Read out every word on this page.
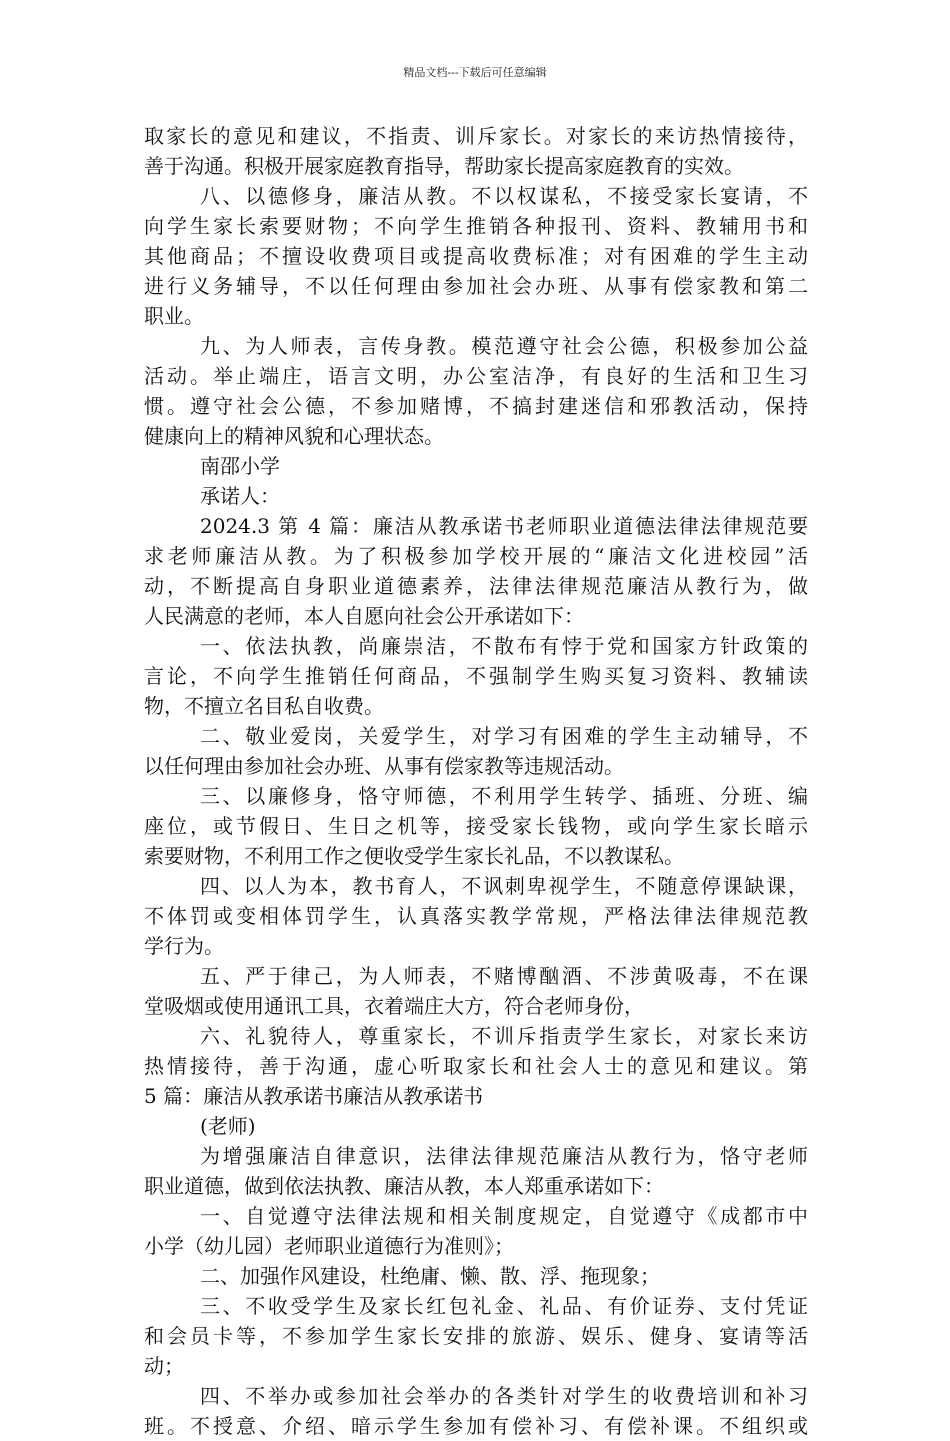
精品文档---下载后可任意编辑
取家长的意见和建议，不指责、训斥家长。对家长的来访热情接待，
善于沟通。积极开展家庭教育指导，帮助家长提高家庭教育的实效。
八、以德修身，廉洁从教。不以权谋私，不接受家长宴请，不
向学生家长索要财物；不向学生推销各种报刊、资料、教辅用书和
其他商品；不擅设收费项目或提高收费标准；对有困难的学生主动
进行义务辅导，不以任何理由参加社会办班、从事有偿家教和第二
职业。
九、为人师表，言传身教。模范遵守社会公德，积极参加公益
活动。举止端庄，语言文明，办公室洁净，有良好的生活和卫生习
惯。遵守社会公德，不参加赌博，不搞封建迷信和邪教活动，保持
健康向上的精神风貌和心理状态。
南邵小学
承诺人：
2024.3 第 4 篇：廉洁从教承诺书老师职业道德法律法律规范要
求老师廉洁从教。为了积极参加学校开展的“廉洁文化进校园”活
动，不断提高自身职业道德素养，法律法律规范廉洁从教行为，做
人民满意的老师，本人自愿向社会公开承诺如下：
一、依法执教，尚廉崇洁，不散布有悖于党和国家方针政策的
言论，不向学生推销任何商品，不强制学生购买复习资料、教辅读
物，不擅立名目私自收费。
二、敬业爱岗，关爱学生，对学习有困难的学生主动辅导，不
以任何理由参加社会办班、从事有偿家教等违规活动。
三、以廉修身，恪守师德，不利用学生转学、插班、分班、编
座位，或节假日、生日之机等，接受家长钱物，或向学生家长暗示
索要财物，不利用工作之便收受学生家长礼品，不以教谋私。
四、以人为本，教书育人，不讽刺卑视学生，不随意停课缺课，
不体罚或变相体罚学生，认真落实教学常规，严格法律法律规范教
学行为。
五、严于律己，为人师表，不赌博酗酒、不涉黄吸毒，不在课
堂吸烟或使用通讯工具，衣着端庄大方，符合老师身份，
六、礼貌待人，尊重家长，不训斥指责学生家长，对家长来访
热情接待，善于沟通，虚心听取家长和社会人士的意见和建议。第
5 篇：廉洁从教承诺书廉洁从教承诺书
(老师)
为增强廉洁自律意识，法律法律规范廉洁从教行为，恪守老师
职业道德，做到依法执教、廉洁从教，本人郑重承诺如下：
一、自觉遵守法律法规和相关制度规定，自觉遵守《成都市中
小学（幼儿园）老师职业道德行为准则》；
二、加强作风建设，杜绝庸、懒、散、浮、拖现象；
三、不收受学生及家长红包礼金、礼品、有价证券、支付凭证
和会员卡等，不参加学生家长安排的旅游、娱乐、健身、宴请等活
动；
四、不举办或参加社会举办的各类针对学生的收费培训和补习
班。不授意、介绍、暗示学生参加有偿补习、有偿补课。不组织或
